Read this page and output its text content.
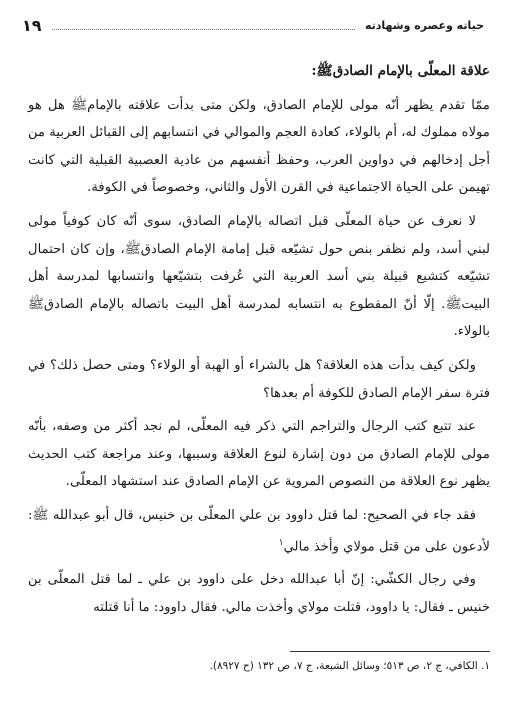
حياته وعصره وشهادته
١٩
علاقة المعلّى بالإمام الصادقﷺ:

ممّا تقدم يظهر أنّه مولى للإمام الصادق، ولكن متى بدأت علاقته بالإمامﷺ هل هو مولاه مملوك له، أم بالولاء، كعادة العجم والموالي في انتسابهم إلى القبائل العربية من أجل إدخالهم في دواوين العرب، وحفظ أنفسهم من عادية العصبية القبلية التي كانت تهيمن على الحياة الاجتماعية في القرن الأول والثاني، وخصوصاً في الكوفة.

لا نعرف عن حياة المعلّى قبل اتصاله بالإمام الصادق، سوى أنّه كان كوفياً مولى لبني أسد، ولم نظفر بنص حول تشيّعه قبل إمامة الإمام الصادقﷺ، وإن كان احتمال تشيّعه كتشيع قبيلة بني أسد العربية التي عُرفت بتشيّعها وانتسابها لمدرسة أهل البيتﷺ. إلّا أنّ المقطوع به انتسابه لمدرسة أهل البيت باتصاله بالإمام الصادقﷺ بالولاء.

ولكن كيف بدأت هذه العلاقة؟ هل بالشراء أو الهبة أو الولاء؟ ومتى حصل ذلك؟ في فترة سفر الإمام الصادق للكوفة أم بعدها؟

عند تتبع كتب الرجال والتراجم التي ذكر فيه المعلّى، لم نجد أكثر من وصفه، بأنّه مولى للإمام الصادق من دون إشارة لنوع العلاقة وسببها، وعند مراجعة كتب الحديث يظهر نوع العلاقة من النصوص المروية عن الإمام الصادق عند استشهاد المعلّى.

فقد جاء في الصحيح: لما قتل داوود بن علي المعلّى بن خنيس، قال أبو عبدالله ﷺ: لأدعون على من قتل مولاي وأخذ مالي$^١$

وفي رجال الكشّي: إنّ أبا عبدالله دخل على داوود بن علي ـ لما قتل المعلّى بن خنيس ـ فقال: يا داوود، قتلت مولاي وأخذت مالي. فقال داوود: ما أنا قتلته

١. الكافي، ج ٢، ص ٥١٣؛ وسائل الشيعة، ج ٧، ص ١٣٢ (ح ٨٩٢٧).
